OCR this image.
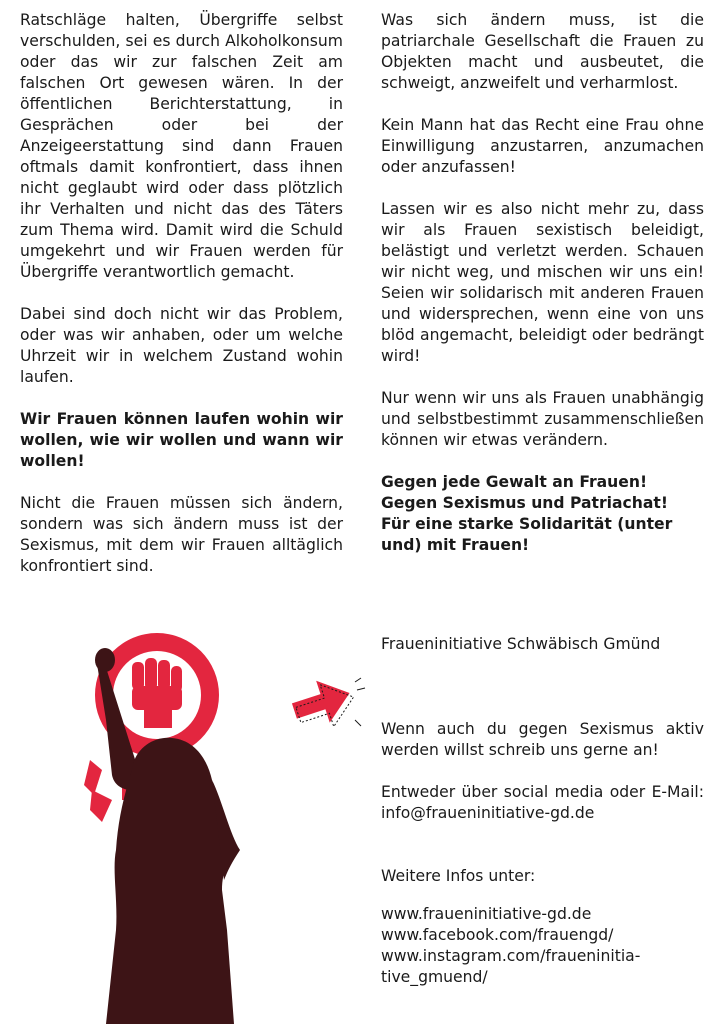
Ratschläge halten, Übergriffe selbst verschulden, sei es durch Alkoholkonsum oder das wir zur falschen Zeit am falschen Ort gewesen wären. In der öffentlichen Berichterstattung, in Gesprächen oder bei der Anzeigeerstattung sind dann Frauen oftmals damit konfrontiert, dass ihnen nicht geglaubt wird oder dass plötzlich ihr Verhalten und nicht das des Täters zum Thema wird. Damit wird die Schuld umgekehrt und wir Frauen werden für Übergriffe verantwortlich gemacht.

Dabei sind doch nicht wir das Problem, oder was wir anhaben, oder um welche Uhrzeit wir in welchem Zustand wohin laufen.

Wir Frauen können laufen wohin wir wollen, wie wir wollen und wann wir wollen!

Nicht die Frauen müssen sich ändern, sondern was sich ändern muss ist der Sexismus, mit dem wir Frauen alltäglich konfrontiert sind.

Was sich ändern muss, ist die patriarchale Gesellschaft die Frauen zu Objekten macht und ausbeutet, die schweigt, anzweifelt und verharmlost.

Kein Mann hat das Recht eine Frau ohne Einwilligung anzustarren, anzumachen oder anzufassen!

Lassen wir es also nicht mehr zu, dass wir als Frauen sexistisch beleidigt, belästigt und verletzt werden. Schauen wir nicht weg, und mischen wir uns ein! Seien wir solidarisch mit anderen Frauen und widersprechen, wenn eine von uns blöd angemacht, beleidigt oder bedrängt wird!

Nur wenn wir uns als Frauen unabhängig und selbstbestimmt zusammenschließen können wir etwas verändern.

Gegen jede Gewalt an Frauen!
Gegen Sexismus und Patriachat!
Für eine starke Solidarität (unter und) mit Frauen!
Fraueninitiative Schwäbisch Gmünd

Wenn auch du gegen Sexismus aktiv werden willst schreib uns gerne an!

Entweder über social media oder E-Mail: info@fraueninitiative-gd.de

Weitere Infos unter:
www.fraueninitiative-gd.de
www.facebook.com/frauengd/
www.instagram.com/fraueninitia-
tive_gmuend/
